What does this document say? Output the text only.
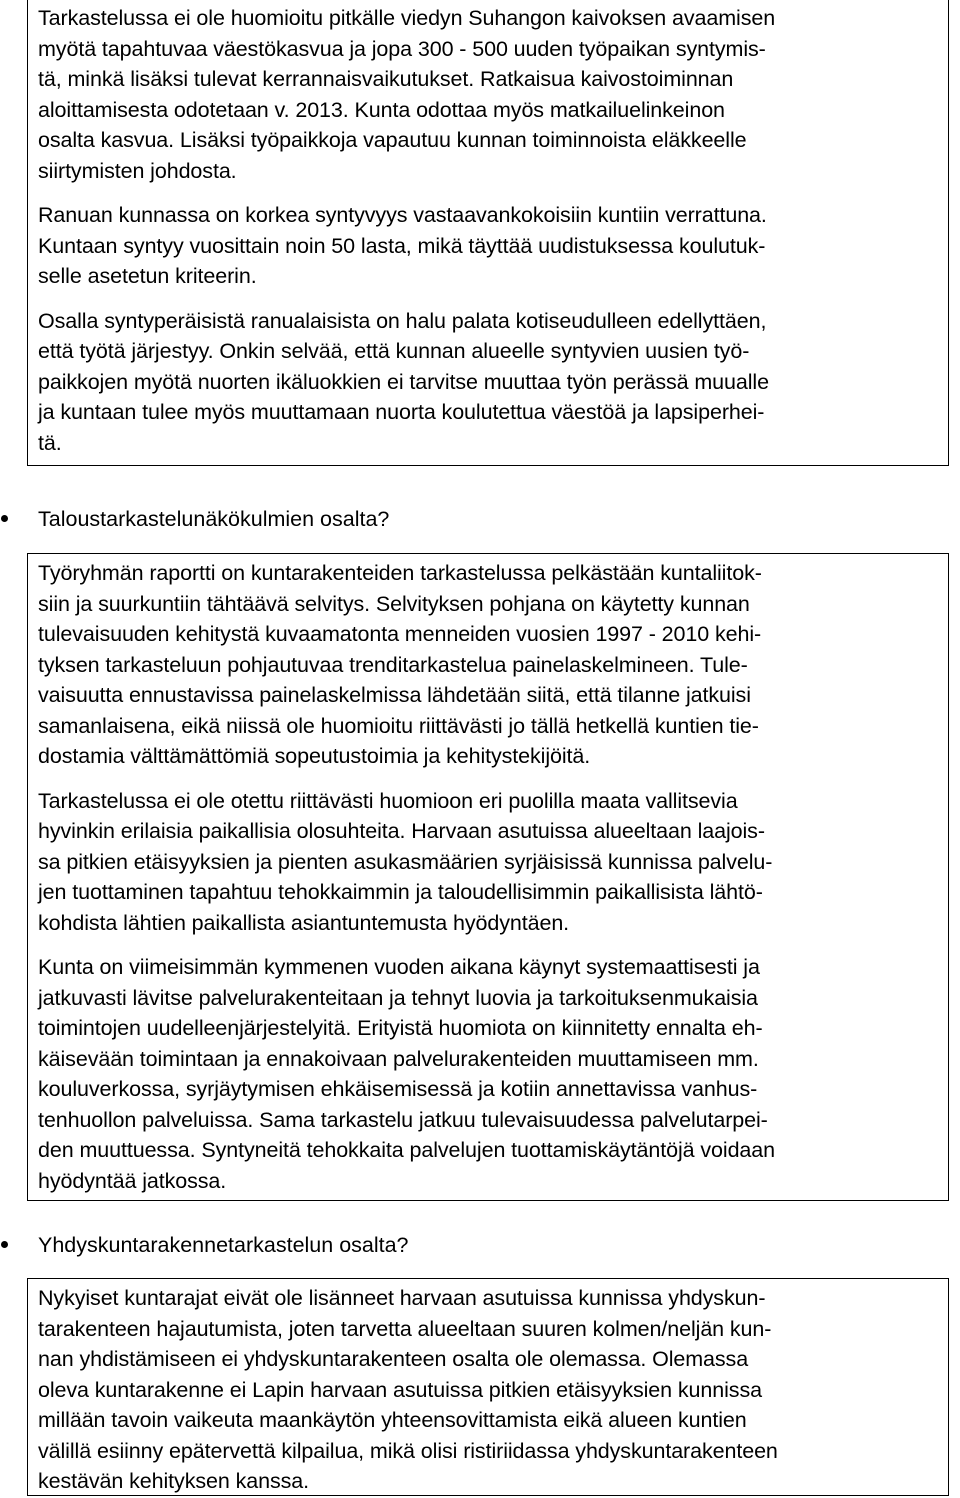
Tarkastelussa ei ole huomioitu pitkälle viedyn Suhangon kaivoksen avaamisen
myötä tapahtuvaa väestökasvua ja jopa 300 - 500 uuden työpaikan syntymis-
tä, minkä lisäksi tulevat kerrannaisvaikutukset. Ratkaisua kaivostoiminnan
aloittamisesta odotetaan v. 2013. Kunta odottaa myös matkailuelinkeinon
osalta kasvua. Lisäksi työpaikkoja vapautuu kunnan toiminnoista eläkkeelle
siirtymisten johdosta.

Ranuan kunnassa on korkea syntyvyys vastaavankokoisiin kuntiin verrattuna.
Kuntaan syntyy vuosittain noin 50 lasta, mikä täyttää uudistuksessa koulutuk-
selle asetetun kriteerin.

Osalla syntyperäisistä ranualaisista on halu palata kotiseudulleen edellyttäen,
että työtä järjestyy. Onkin selvää, että kunnan alueelle syntyvien uusien työ-
paikkojen myötä nuorten ikäluokkien ei tarvitse muuttaa työn perässä muualle
ja kuntaan tulee myös muuttamaan nuorta koulutettua väestöä ja lapsiperhei-
tä.

Taloustarkastelunäkökulmien osalta?

Työryhmän raportti on kuntarakenteiden tarkastelussa pelkästään kuntaliitok-
siin ja suurkuntiin tähtäävä selvitys. Selvityksen pohjana on käytetty kunnan
tulevaisuuden kehitystä kuvaamatonta menneiden vuosien 1997 - 2010 kehi-
tyksen tarkasteluun pohjautuvaa trenditarkastelua painelaskelmineen. Tule-
vaisuutta ennustavissa painelaskelmissa lähdetään siitä, että tilanne jatkuisi
samanlaisena, eikä niissä ole huomioitu riittävästi jo tällä hetkellä kuntien tie-
dostamia välttämättömiä sopeutustoimia ja kehitystekijöitä.

Tarkastelussa ei ole otettu riittävästi huomioon eri puolilla maata vallitsevia
hyvinkin erilaisia paikallisia olosuhteita. Harvaan asutuissa alueeltaan laajois-
sa pitkien etäisyyksien ja pienten asukasmäärien syrjäisissä kunnissa palvelu-
jen tuottaminen tapahtuu tehokkaimmin ja taloudellisimmin paikallisista lähtö-
kohdista lähtien paikallista asiantuntemusta hyödyntäen.

Kunta on viimeisimmän kymmenen vuoden aikana käynyt systemaattisesti ja
jatkuvasti lävitse palvelurakenteitaan ja tehnyt luovia ja tarkoituksenmukaisia
toimintojen uudelleenjärjestelyitä. Erityistä huomiota on kiinnitetty ennalta eh-
käisevään toimintaan ja ennakoivaan palvelurakenteiden muuttamiseen mm.
kouluverkossa, syrjäytymisen ehkäisemisessä ja kotiin annettavissa vanhus-
tenhuollon palveluissa. Sama tarkastelu jatkuu tulevaisuudessa palvelutarpei-
den muuttuessa. Syntyneitä tehokkaita palvelujen tuottamiskäytäntöjä voidaan
hyödyntää jatkossa.

Yhdyskuntarakennetarkastelun osalta?

Nykyiset kuntarajat eivät ole lisänneet harvaan asutuissa kunnissa yhdyskun-
tarakenteen hajautumista, joten tarvetta alueeltaan suuren kolmen/neljän kun-
nan yhdistämiseen ei yhdyskuntarakenteen osalta ole olemassa. Olemassa
oleva kuntarakenne ei Lapin harvaan asutuissa pitkien etäisyyksien kunnissa
millään tavoin vaikeuta maankäytön yhteensovittamista eikä alueen kuntien
välillä esiinny epätervettä kilpailua, mikä olisi ristiriidassa yhdyskuntarakenteen
kestävän kehityksen kanssa.
